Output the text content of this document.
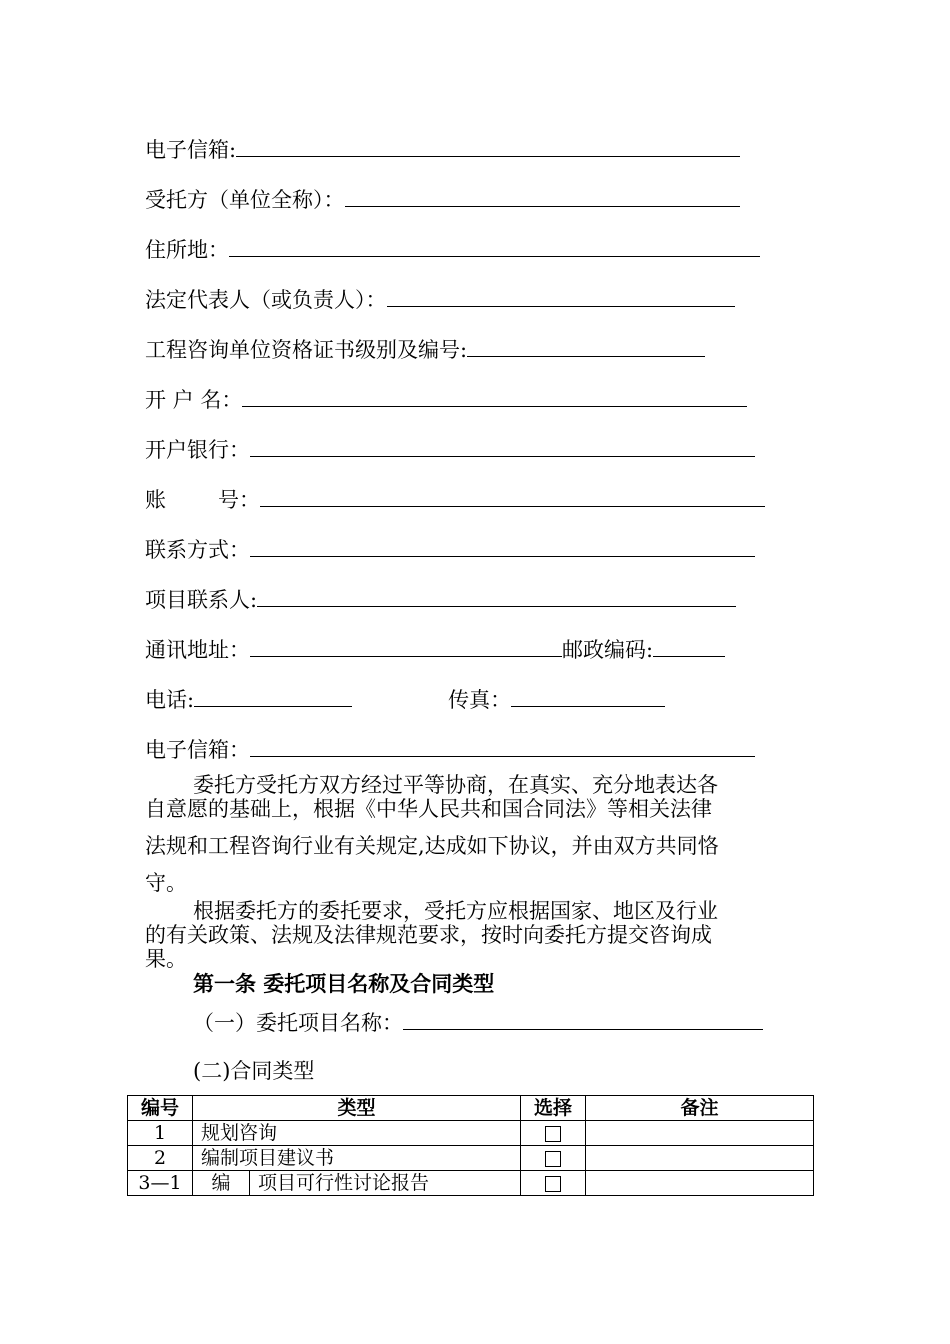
电子信箱:
受托方（单位全称）：
住所地：
法定代表人（或负责人）：
工程咨询单位资格证书级别及编号:
开 户 名：
开户银行：
账 号：
联系方式：
项目联系人:
通讯地址：	邮政编码:
电话:	传真：
电子信箱：
委托方受托方双方经过平等协商，在真实、充分地表达各
自意愿的基础上，根据《中华人民共和国合同法》等相关法律
法规和工程咨询行业有关规定,达成如下协议，并由双方共同恪
守。
根据委托方的委托要求，受托方应根据国家、地区及行业
的有关政策、法规及法律规范要求，按时向委托方提交咨询成
果。
第一条 委托项目名称及合同类型
（一）委托项目名称：
(二)合同类型
编号	类型		选择	备注
1	规划咨询			
2	编制项目建议书			
3—1	编	项目可行性讨论报告		
